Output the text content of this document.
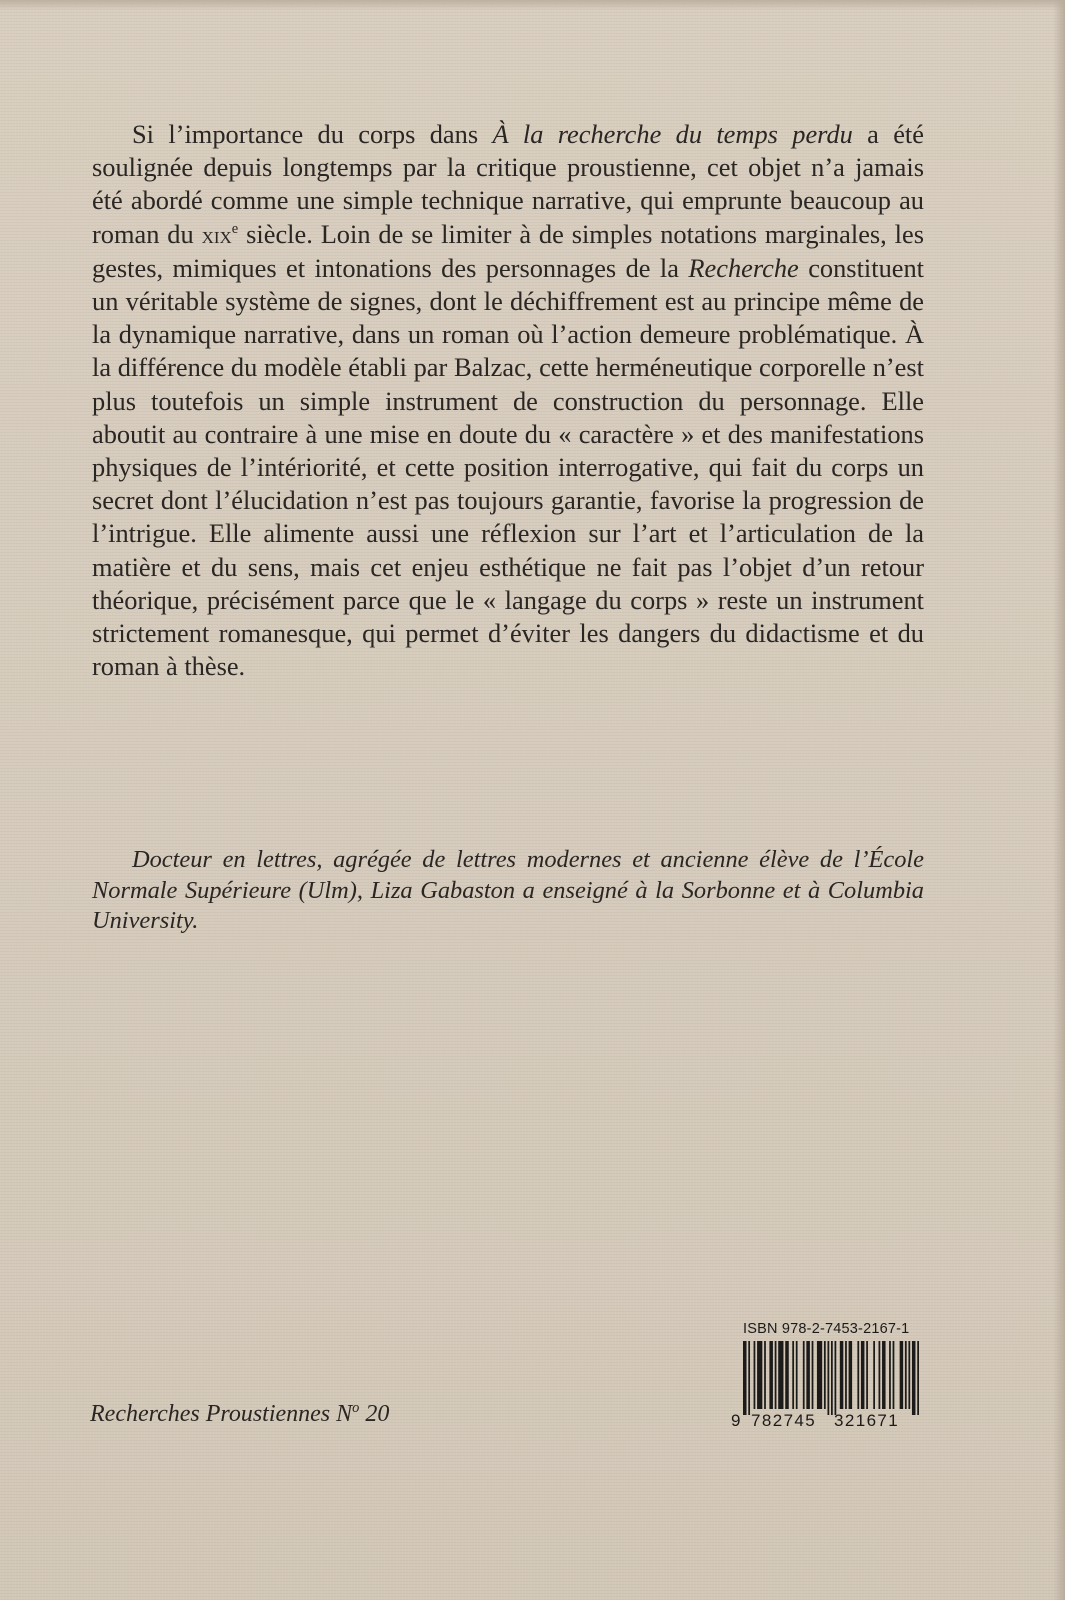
Si l’importance du corps dans À la recherche du temps perdu a été soulignée depuis longtemps par la critique proustienne, cet objet n’a jamais été abordé comme une simple technique narrative, qui emprunte beaucoup au roman du xix$^e$ siècle. Loin de se limiter à de simples notations marginales, les gestes, mimiques et intonations des personnages de la Recherche constituent un véritable système de signes, dont le déchiffrement est au principe même de la dynamique narrative, dans un roman où l’action demeure problématique. À la différence du modèle établi par Balzac, cette herméneutique corporelle n’est plus toutefois un simple instrument de construction du personnage. Elle aboutit au contraire à une mise en doute du « caractère » et des manifestations physiques de l’intériorité, et cette position interrogative, qui fait du corps un secret dont l’élucidation n’est pas toujours garantie, favorise la progression de l’intrigue. Elle alimente aussi une réflexion sur l’art et l’articulation de la matière et du sens, mais cet enjeu esthétique ne fait pas l’objet d’un retour théorique, précisément parce que le « langage du corps » reste un instrument strictement romanesque, qui permet d’éviter les dangers du didactisme et du roman à thèse.

Docteur en lettres, agrégée de lettres modernes et ancienne élève de l’École Normale Supérieure (Ulm), Liza Gabaston a enseigné à la Sorbonne et à Columbia University.

Recherches Proustiennes $N^o$ 20

ISBN 978-2-7453-2167-1
9 782745 321671
